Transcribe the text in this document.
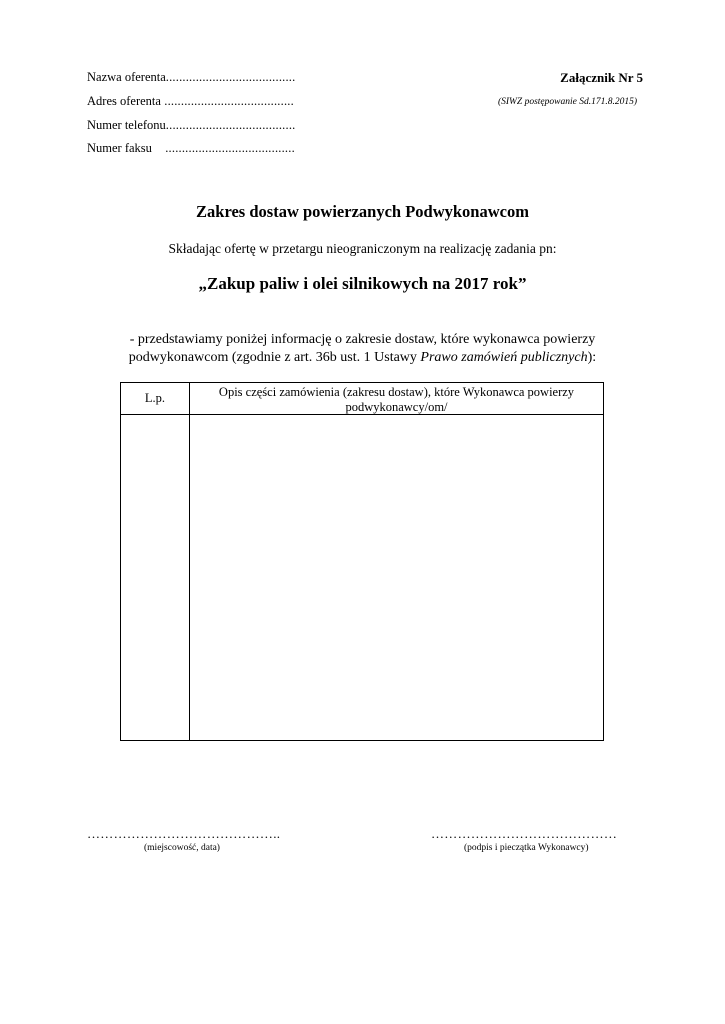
Nazwa oferenta.......................................
Adres oferenta .......................................
Numer telefonu.......................................
Numer faksu    .......................................
Załącznik Nr 5
(SIWZ postępowanie Sd.171.8.2015)
Zakres dostaw powierzanych Podwykonawcom
Składając ofertę w przetargu nieograniczonym na realizację zadania pn:
„Zakup paliw i olei silnikowych na 2017 rok”
- przedstawiamy poniżej informację o zakresie dostaw, które wykonawca powierzy
podwykonawcom (zgodnie z art. 36b ust. 1 Ustawy Prawo zamówień publicznych):
L.p.	Opis części zamówienia (zakresu dostaw), które Wykonawca powierzy
podwykonawcy/om/
……………………………………..
(miejscowość, data)
……………………………………
(podpis i pieczątka Wykonawcy)
